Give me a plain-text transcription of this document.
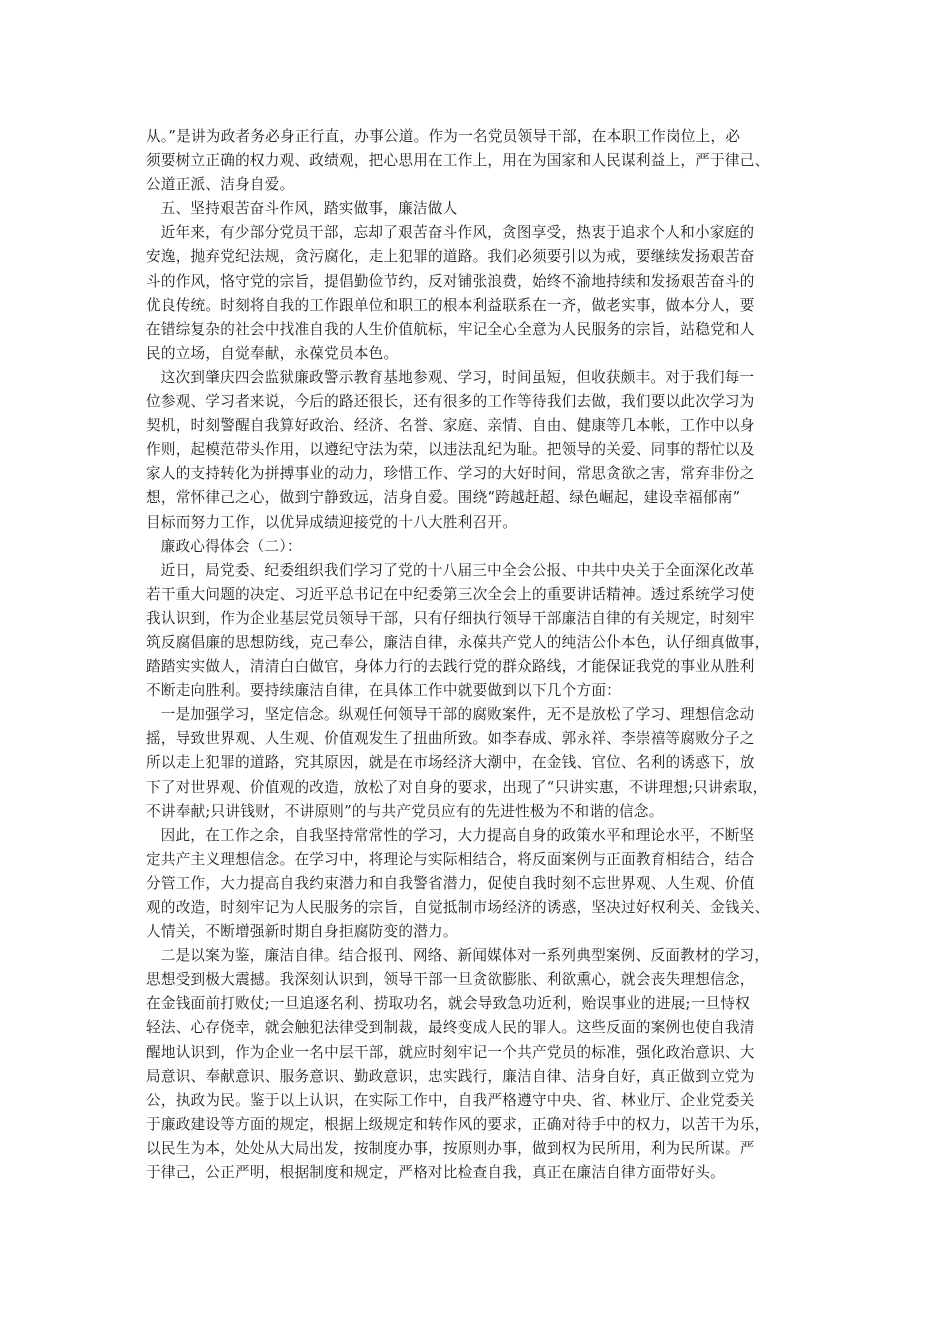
从。”是讲为政者务必身正行直，办事公道。作为一名党员领导干部，在本职工作岗位上，必
须要树立正确的权力观、政绩观，把心思用在工作上，用在为国家和人民谋利益上，严于律己、
公道正派、洁身自爱。

五、坚持艰苦奋斗作风，踏实做事，廉洁做人

近年来，有少部分党员干部，忘却了艰苦奋斗作风，贪图享受，热衷于追求个人和小家庭的
安逸，抛弃党纪法规，贪污腐化，走上犯罪的道路。我们必须要引以为戒，要继续发扬艰苦奋
斗的作风，恪守党的宗旨，提倡勤俭节约，反对铺张浪费，始终不渝地持续和发扬艰苦奋斗的
优良传统。时刻将自我的工作跟单位和职工的根本利益联系在一齐，做老实事，做本分人，要
在错综复杂的社会中找准自我的人生价值航标，牢记全心全意为人民服务的宗旨，站稳党和人
民的立场，自觉奉献，永葆党员本色。

这次到肇庆四会监狱廉政警示教育基地参观、学习，时间虽短，但收获颇丰。对于我们每一
位参观、学习者来说，今后的路还很长，还有很多的工作等待我们去做，我们要以此次学习为
契机，时刻警醒自我算好政治、经济、名誉、家庭、亲情、自由、健康等几本帐，工作中以身
作则，起模范带头作用，以遵纪守法为荣，以违法乱纪为耻。把领导的关爱、同事的帮忙以及
家人的支持转化为拼搏事业的动力，珍惜工作、学习的大好时间，常思贪欲之害，常弃非份之
想，常怀律己之心，做到宁静致远，洁身自爱。围绕“跨越赶超、绿色崛起，建设幸福郁南”
目标而努力工作，以优异成绩迎接党的十八大胜利召开。

廉政心得体会（二）：

近日，局党委、纪委组织我们学习了党的十八届三中全会公报、中共中央关于全面深化改革
若干重大问题的决定、习近平总书记在中纪委第三次全会上的重要讲话精神。透过系统学习使
我认识到，作为企业基层党员领导干部，只有仔细执行领导干部廉洁自律的有关规定，时刻牢
筑反腐倡廉的思想防线，克己奉公，廉洁自律，永葆共产党人的纯洁公仆本色，认仔细真做事，
踏踏实实做人，清清白白做官，身体力行的去践行党的群众路线，才能保证我党的事业从胜利
不断走向胜利。要持续廉洁自律，在具体工作中就要做到以下几个方面：

一是加强学习，坚定信念。纵观任何领导干部的腐败案件，无不是放松了学习、理想信念动
摇，导致世界观、人生观、价值观发生了扭曲所致。如李春成、郭永祥、李崇禧等腐败分子之
所以走上犯罪的道路，究其原因，就是在市场经济大潮中，在金钱、官位、名利的诱惑下，放
下了对世界观、价值观的改造，放松了对自身的要求，出现了“只讲实惠，不讲理想;只讲索取，
不讲奉献;只讲钱财，不讲原则”的与共产党员应有的先进性极为不和谐的信念。

因此，在工作之余，自我坚持常常性的学习，大力提高自身的政策水平和理论水平，不断坚
定共产主义理想信念。在学习中，将理论与实际相结合，将反面案例与正面教育相结合，结合
分管工作，大力提高自我约束潜力和自我警省潜力，促使自我时刻不忘世界观、人生观、价值
观的改造，时刻牢记为人民服务的宗旨，自觉抵制市场经济的诱惑，坚决过好权利关、金钱关、
人情关，不断增强新时期自身拒腐防变的潜力。

二是以案为鉴，廉洁自律。结合报刊、网络、新闻媒体对一系列典型案例、反面教材的学习，
思想受到极大震撼。我深刻认识到，领导干部一旦贪欲膨胀、利欲熏心，就会丧失理想信念，
在金钱面前打败仗;一旦追逐名利、捞取功名，就会导致急功近利，贻误事业的进展;一旦恃权
轻法、心存侥幸，就会触犯法律受到制裁，最终变成人民的罪人。这些反面的案例也使自我清
醒地认识到，作为企业一名中层干部，就应时刻牢记一个共产党员的标准，强化政治意识、大
局意识、奉献意识、服务意识、勤政意识，忠实践行，廉洁自律、洁身自好，真正做到立党为
公，执政为民。鉴于以上认识，在实际工作中，自我严格遵守中央、省、林业厅、企业党委关
于廉政建设等方面的规定，根据上级规定和转作风的要求，正确对待手中的权力，以苦干为乐，
以民生为本，处处从大局出发，按制度办事，按原则办事，做到权为民所用，利为民所谋。严
于律己，公正严明，根据制度和规定，严格对比检查自我，真正在廉洁自律方面带好头。
